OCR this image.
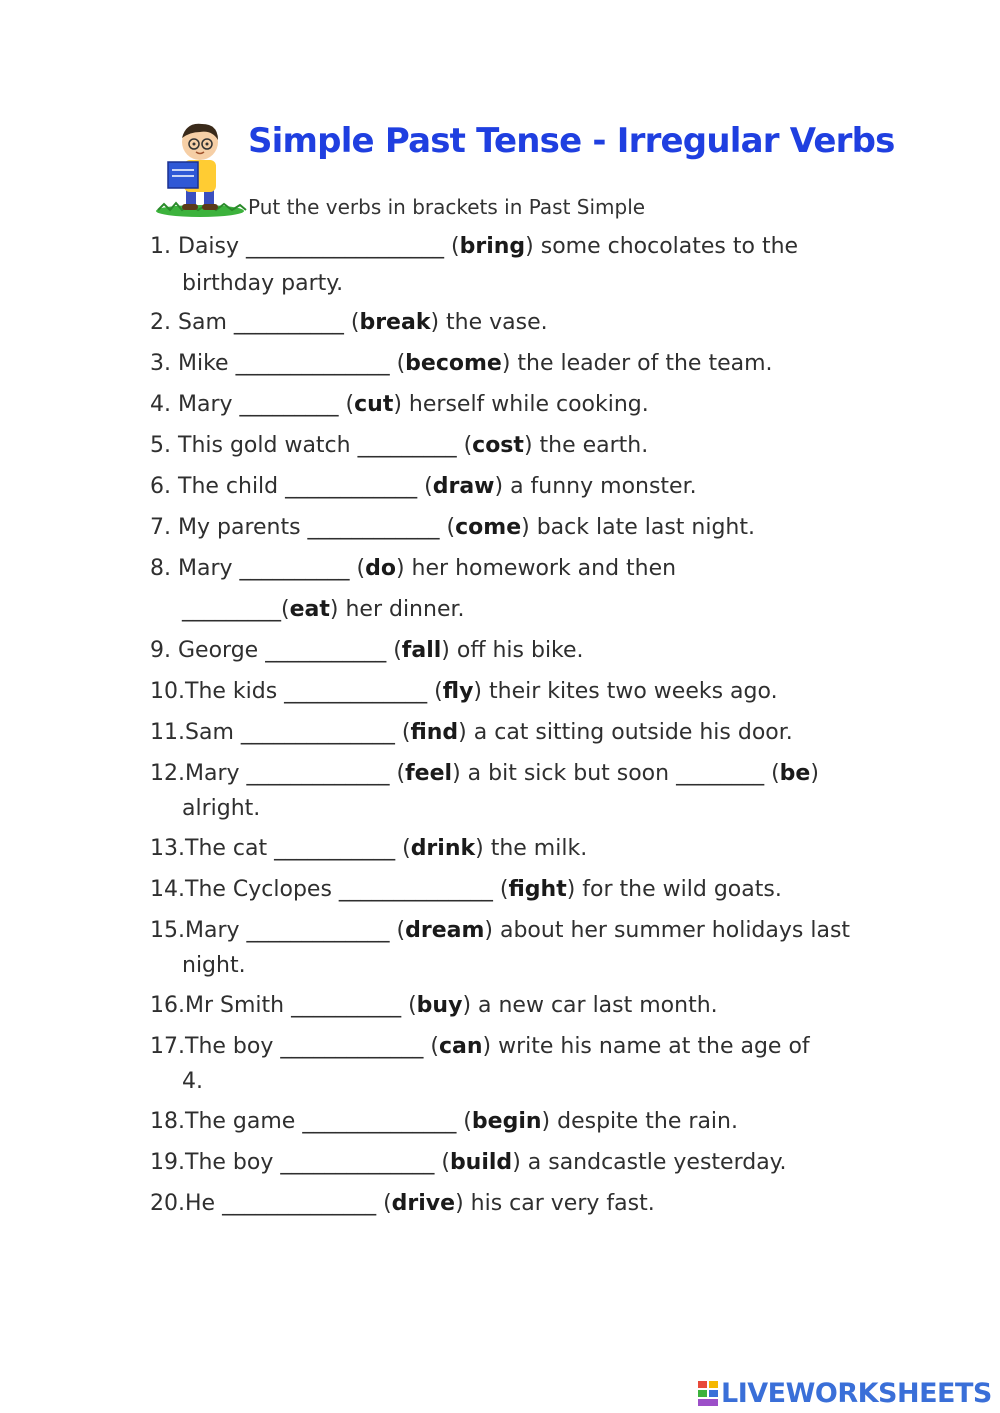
Simple Past Tense - Irregular Verbs
Put the verbs in brackets in Past Simple
1. Daisy __________________ (bring) some chocolates to the
birthday party.
2. Sam __________ (break) the vase.
3. Mike ______________ (become) the leader of the team.
4. Mary _________ (cut) herself while cooking.
5. This gold watch _________ (cost) the earth.
6. The child ____________ (draw) a funny monster.
7. My parents ____________ (come) back late last night.
8. Mary __________ (do) her homework and then
_________(eat) her dinner.
9. George ___________ (fall) off his bike.
10.The kids _____________ (fly) their kites two weeks ago.
11.Sam ______________ (find) a cat sitting outside his door.
12.Mary _____________ (feel) a bit sick but soon ________ (be)
alright.
13.The cat ___________ (drink) the milk.
14.The Cyclopes ______________ (fight) for the wild goats.
15.Mary _____________ (dream) about her summer holidays last
night.
16.Mr Smith __________ (buy) a new car last month.
17.The boy _____________ (can) write his name at the age of
4.
18.The game ______________ (begin) despite the rain.
19.The boy ______________ (build) a sandcastle yesterday.
20.He ______________ (drive) his car very fast.
LIVEWORKSHEETS
